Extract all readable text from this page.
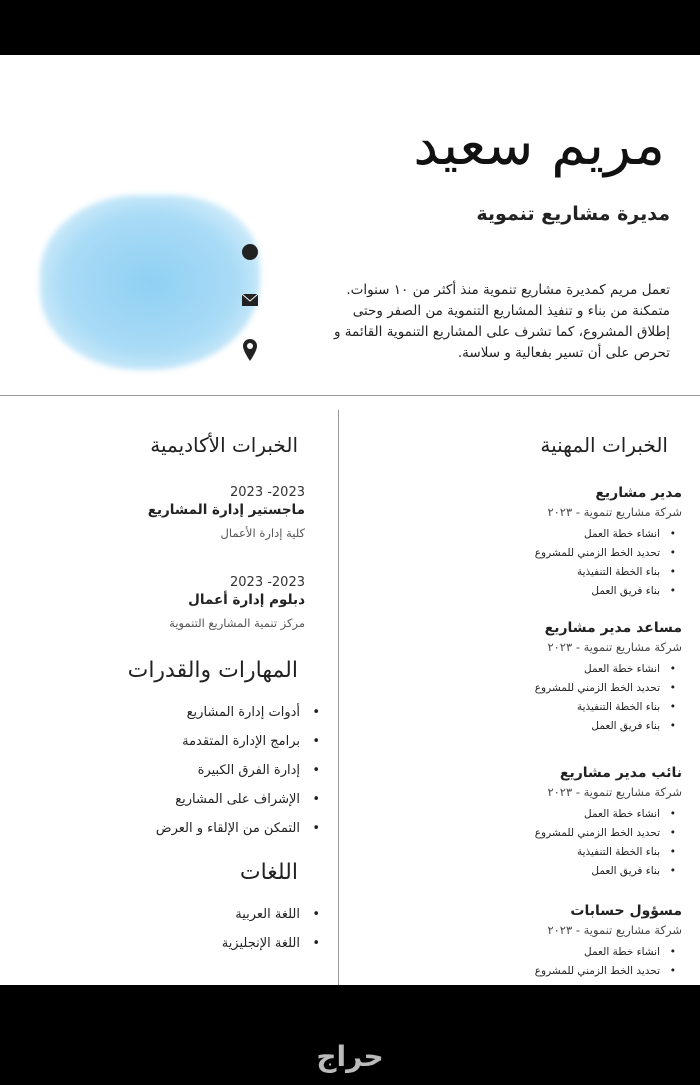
مريم سعيد
مديرة مشاريع تنموية
تعمل مريم كمديرة مشاريع تنموية منذ أكثر من ١٠ سنوات. متمكنة من بناء و تنفيذ المشاريع التنموية من الصفر وحتى إطلاق المشروع، كما تشرف على المشاريع التنموية القائمة و تحرص على أن تسير بفعالية و سلاسة.
الخبرات المهنية
مدير مشاريع
شركة مشاريع تنموية - ٢٠٢٣
• انشاء خطة العمل
• تحديد الخط الزمني للمشروع
• بناء الخطة التنفيذية
• بناء فريق العمل
مساعد مدير مشاريع
شركة مشاريع تنموية - ٢٠٢٣
• انشاء خطة العمل
• تحديد الخط الزمني للمشروع
• بناء الخطة التنفيذية
• بناء فريق العمل
نائب مدير مشاريع
شركة مشاريع تنموية - ٢٠٢٣
• انشاء خطة العمل
• تحديد الخط الزمني للمشروع
• بناء الخطة التنفيذية
• بناء فريق العمل
مسؤول حسابات
شركة مشاريع تنموية - ٢٠٢٣
• انشاء خطة العمل
• تحديد الخط الزمني للمشروع
الخبرات الأكاديمية
2023 -2023
ماجستير إدارة المشاريع
كلية إدارة الأعمال
2023 -2023
دبلوم إدارة أعمال
مركز تنمية المشاريع التنموية
المهارات والقدرات
• أدوات إدارة المشاريع
• برامج الإدارة المتقدمة
• إدارة الفرق الكبيرة
• الإشراف على المشاريع
• التمكن من الإلقاء و العرض
اللغات
• اللغة العربية
• اللغة الإنجليزية
حراج
